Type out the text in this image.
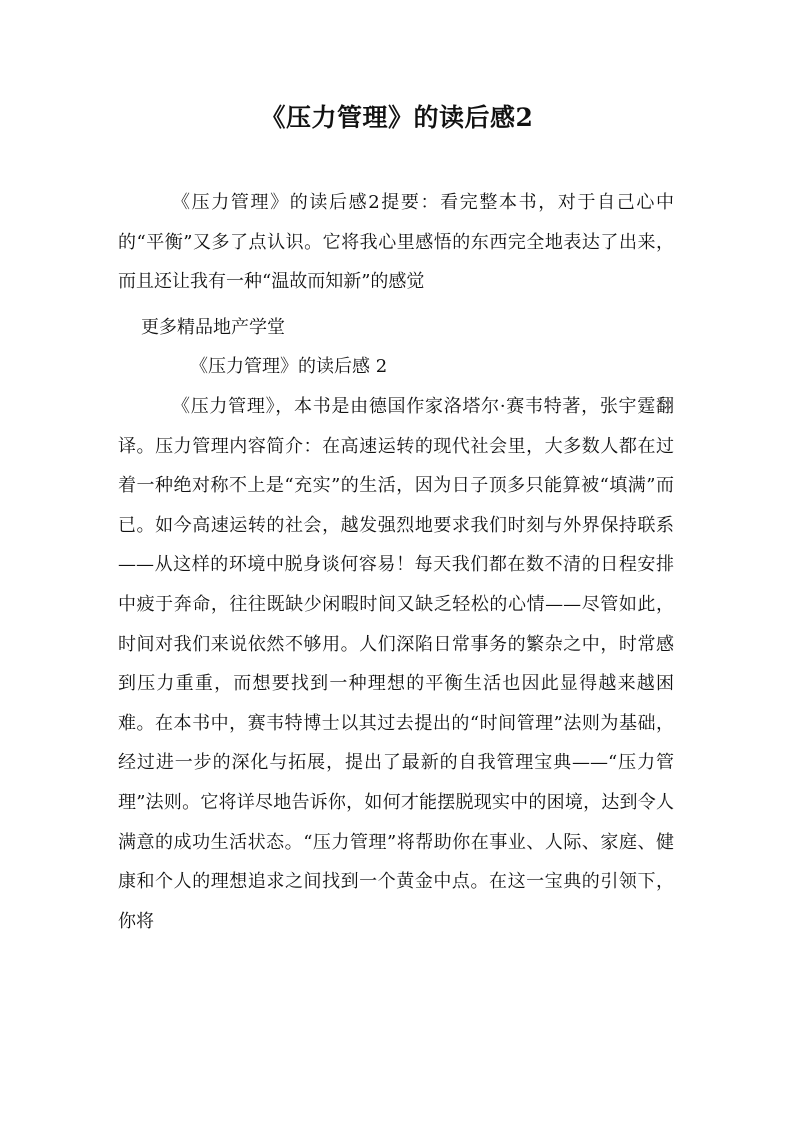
《压力管理》的读后感2
《压力管理》的读后感2提要：看完整本书，对于自己心中的“平衡”又多了点认识。它将我心里感悟的东西完全地表达了出来，而且还让我有一种“温故而知新”的感觉
更多精品地产学堂
《压力管理》的读后感 2
《压力管理》，本书是由德国作家洛塔尔·赛韦特著，张宇霆翻译。压力管理内容简介：在高速运转的现代社会里，大多数人都在过着一种绝对称不上是“充实”的生活，因为日子顶多只能算被“填满”而已。如今高速运转的社会，越发强烈地要求我们时刻与外界保持联系——从这样的环境中脱身谈何容易！每天我们都在数不清的日程安排中疲于奔命，往往既缺少闲暇时间又缺乏轻松的心情——尽管如此，时间对我们来说依然不够用。人们深陷日常事务的繁杂之中，时常感到压力重重，而想要找到一种理想的平衡生活也因此显得越来越困难。在本书中，赛韦特博士以其过去提出的“时间管理”法则为基础，经过进一步的深化与拓展，提出了最新的自我管理宝典——“压力管理”法则。它将详尽地告诉你，如何才能摆脱现实中的困境，达到令人满意的成功生活状态。“压力管理”将帮助你在事业、人际、家庭、健康和个人的理想追求之间找到一个黄金中点。在这一宝典的引领下，你将
